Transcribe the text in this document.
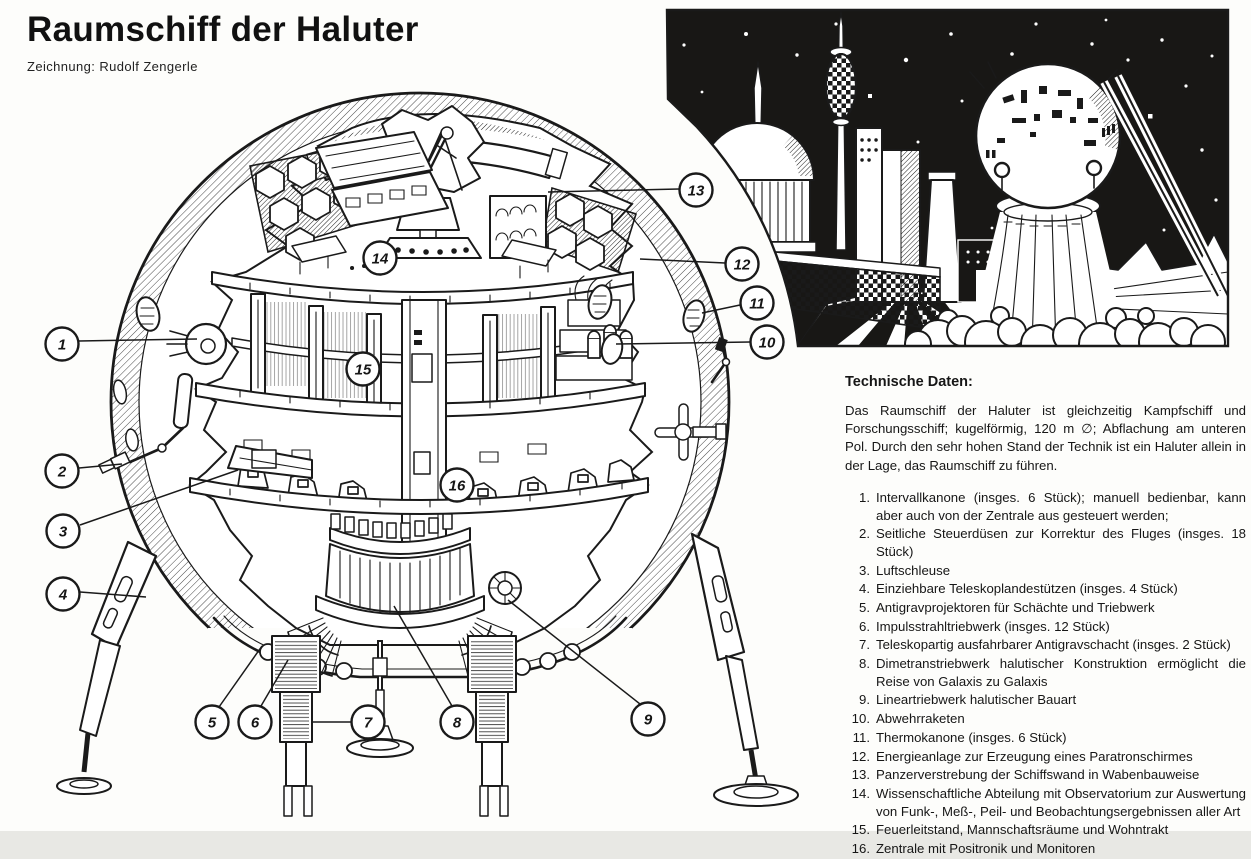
Raumschiff der Haluter
Zeichnung: Rudolf Zengerle
1
2
3
4
5 6	7	8	9
10
11
12
13
14
15
16
Technische Daten:

Das Raumschiff der Haluter ist gleichzeitig Kampfschiff und Forschungsschiff; kugelförmig, 120 m ∅; Abflachung am unteren Pol. Durch den sehr hohen Stand der Technik ist ein Haluter allein in der Lage, das Raumschiff zu führen.

1. Intervallkanone (insges. 6 Stück); manuell bedienbar, kann aber auch von der Zentrale aus gesteuert werden;
2. Seitliche Steuerdüsen zur Korrektur des Fluges (insges. 18 Stück)
3. Luftschleuse
4. Einziehbare Teleskoplandestützen (insges. 4 Stück)
5. Antigravprojektoren für Schächte und Triebwerk
6. Impulsstrahltriebwerk (insges. 12 Stück)
7. Teleskopartig ausfahrbarer Antigravschacht (insges. 2 Stück)
8. Dimetranstriebwerk halutischer Konstruktion ermöglicht die Reise von Galaxis zu Galaxis
9. Lineartriebwerk halutischer Bauart
10. Abwehrraketen
11. Thermokanone (insges. 6 Stück)
12. Energieanlage zur Erzeugung eines Paratronschirmes
13. Panzerverstrebung der Schiffswand in Wabenbauweise
14. Wissenschaftliche Abteilung mit Observatorium zur Auswertung von Funk-, Meß-, Peil- und Beobachtungsergebnissen aller Art
15. Feuerleitstand, Mannschaftsräume und Wohntrakt
16. Zentrale mit Positronik und Monitoren
